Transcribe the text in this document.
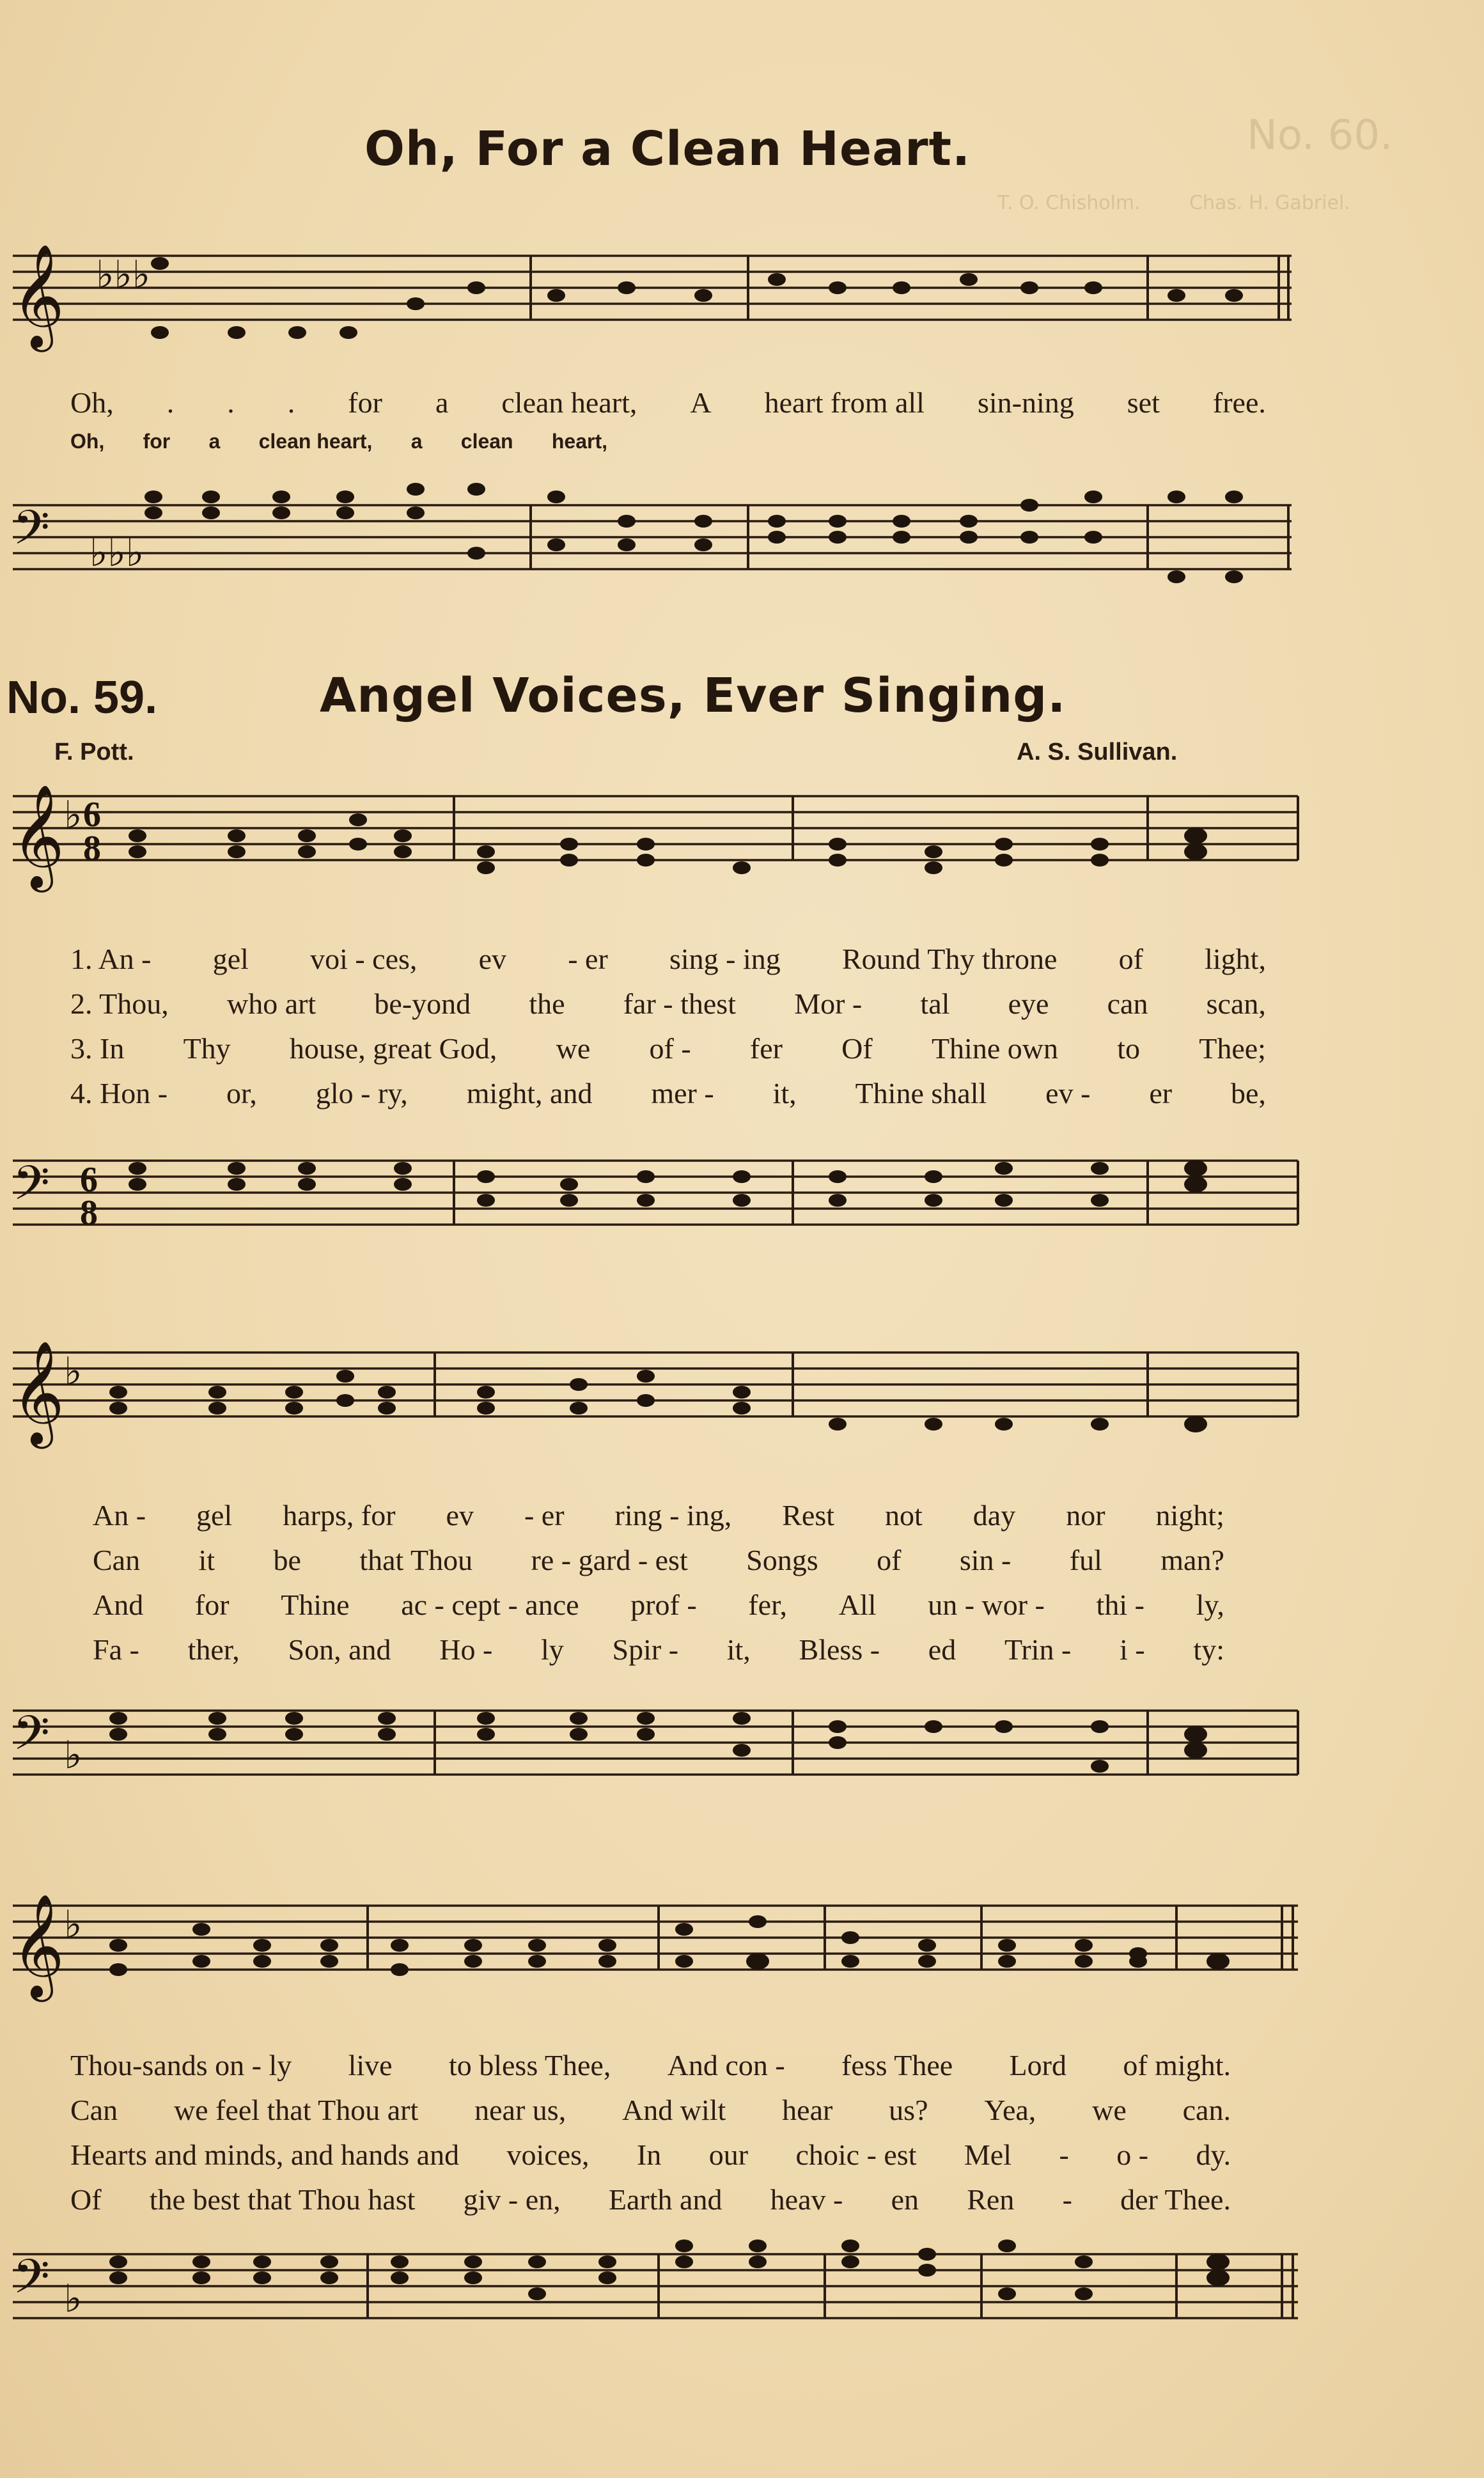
No. 60.
T. O. Chisholm.	Chas. H. Gabriel.
Oh, For a Clean Heart.
𝄞 ♭♭♭
Oh, . . . for a clean heart, A heart from all sin-ning set free.
Oh, for a clean heart, a clean heart,
𝄢 ♭♭♭
No. 59.	Angel Voices, Ever Singing.
F. Pott.	A. S. Sullivan.
𝄞 ♭ 6
8
1. An - gel voi - ces, ev - er sing - ing Round Thy throne of light,
2. Thou, who art be-yond the far - thest Mor - tal eye can scan,
3. In Thy house, great God, we of - fer Of Thine own to Thee;
4. Hon - or, glo - ry, might, and mer - it, Thine shall ev - er be,
𝄢 6
8
𝄞 ♭
An - gel harps, for ev - er ring - ing, Rest not day nor night;
Can it be that Thou re - gard - est Songs of sin - ful man?
And for Thine ac - cept - ance prof - fer, All un - wor - thi - ly,
Fa - ther, Son, and Ho - ly Spir - it, Bless - ed Trin - i - ty:
𝄢 ♭
𝄞 ♭
Thou-sands on - ly live to bless Thee, And con - fess Thee Lord of might.
Can we feel that Thou art near us, And wilt hear us? Yea, we can.
Hearts and minds, and hands and voices, In our choic - est Mel - o - dy.
Of the best that Thou hast giv - en, Earth and heav - en Ren - der Thee.
𝄢 ♭
